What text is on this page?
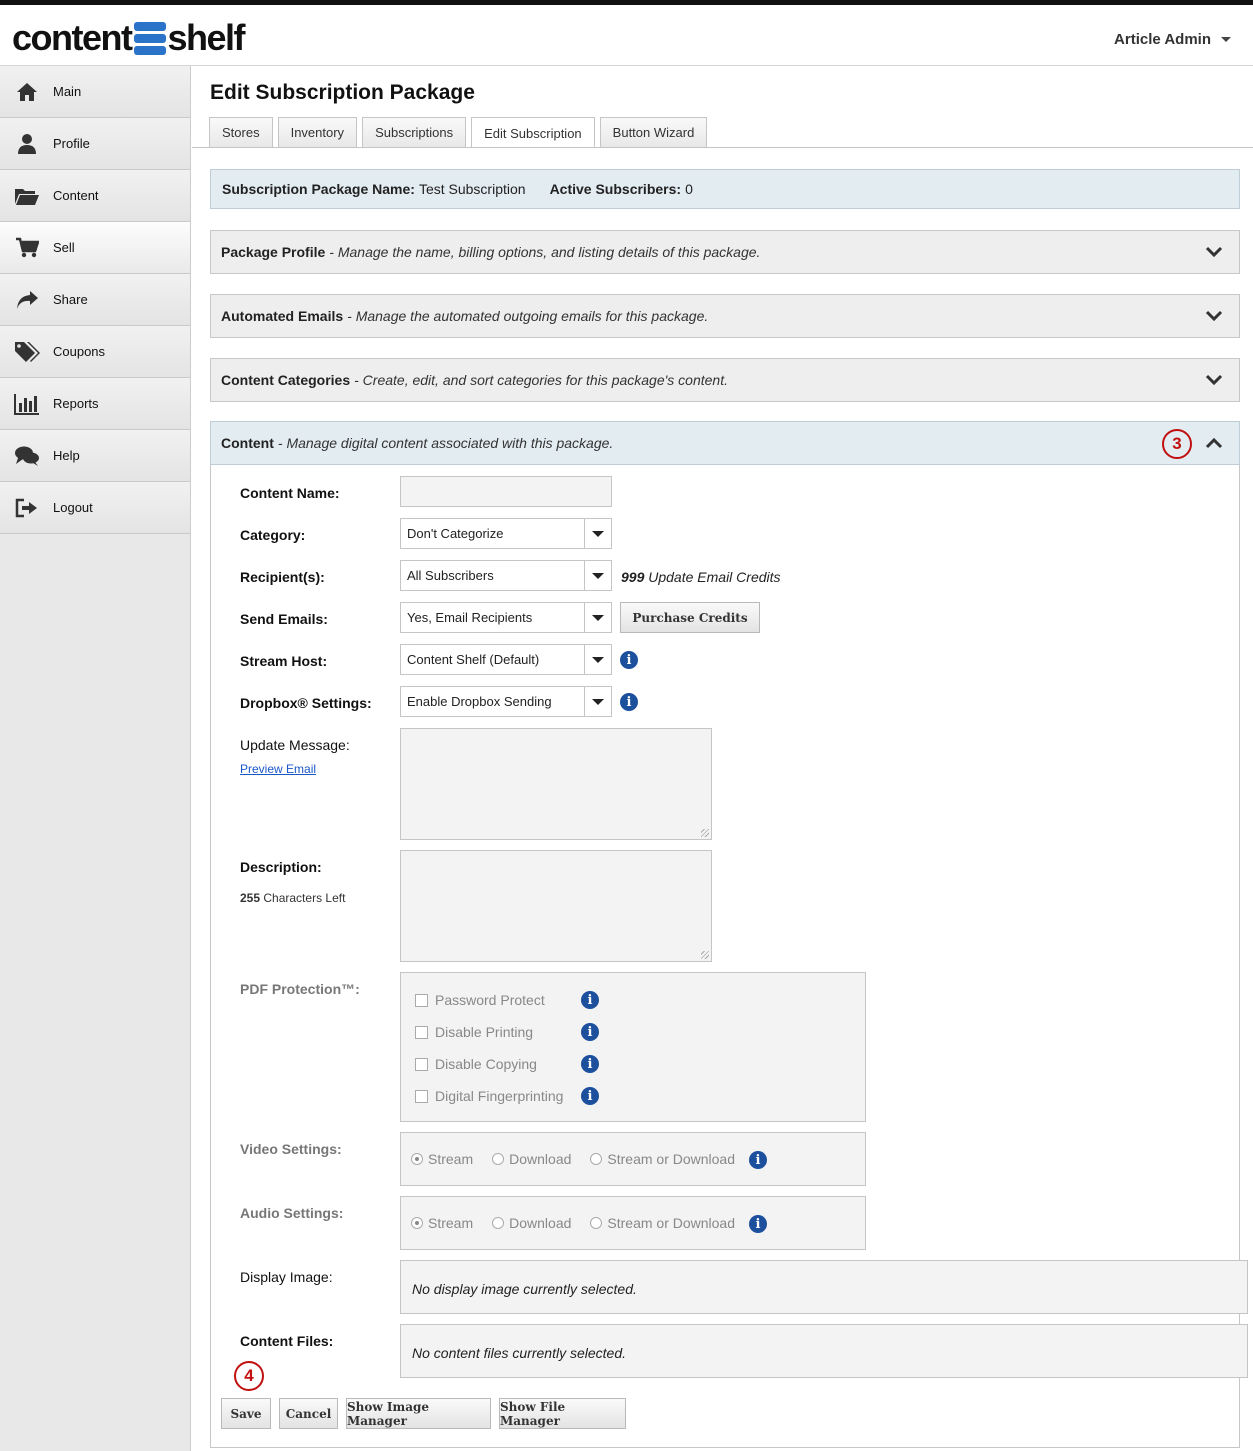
content shelf	Article Admin
Main
Profile
Content
Sell
Share
Coupons
Reports
Help
Logout
Edit Subscription Package
Stores	Inventory	Subscriptions	Edit Subscription	Button Wizard
Subscription Package Name: Test Subscription Active Subscribers: 0
Package Profile - Manage the name, billing options, and listing details of this package.
Automated Emails - Manage the automated outgoing emails for this package.
Content Categories - Create, edit, and sort categories for this package's content.
Content - Manage digital content associated with this package.	3
Content Name:
Category:	Don't Categorize
Recipient(s):	All Subscribers	999 Update Email Credits
Send Emails:	Yes, Email Recipients	Purchase Credits
Stream Host:	Content Shelf (Default)	i
Dropbox® Settings:	Enable Dropbox Sending	i
Update Message:
Preview Email
Description:
255 Characters Left
PDF Protection™:
Password Protect	i
Disable Printing	i
Disable Copying	i
Digital Fingerprinting	i
Video Settings:
Stream	Download	Stream or Download	i
Audio Settings:
Stream	Download	Stream or Download	i
Display Image:
No display image currently selected.
Content Files:
No content files currently selected.
4
Save	Cancel	Show Image Manager
Show File Manager
